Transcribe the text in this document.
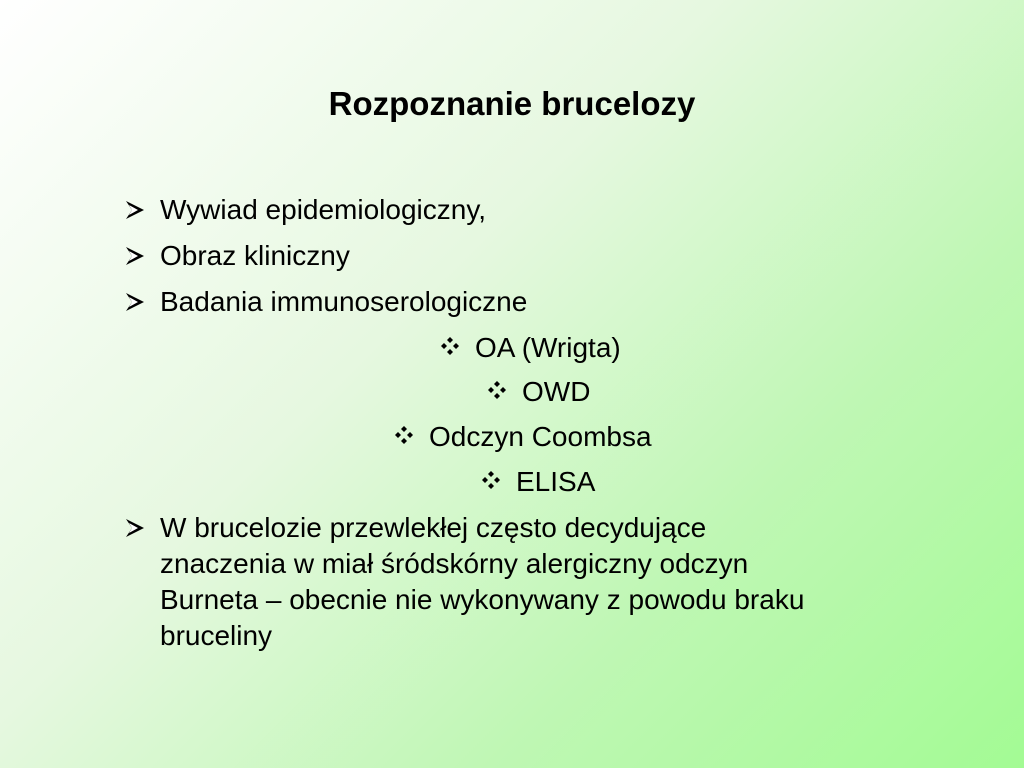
Rozpoznanie brucelozy
Wywiad epidemiologiczny,
Obraz kliniczny
Badania immunoserologiczne
OA (Wrigta)
OWD
Odczyn Coombsa
ELISA
W brucelozie przewlekłej często decydujące
znaczenia w miał śródskórny alergiczny odczyn
Burneta – obecnie nie wykonywany z powodu braku
bruceliny
